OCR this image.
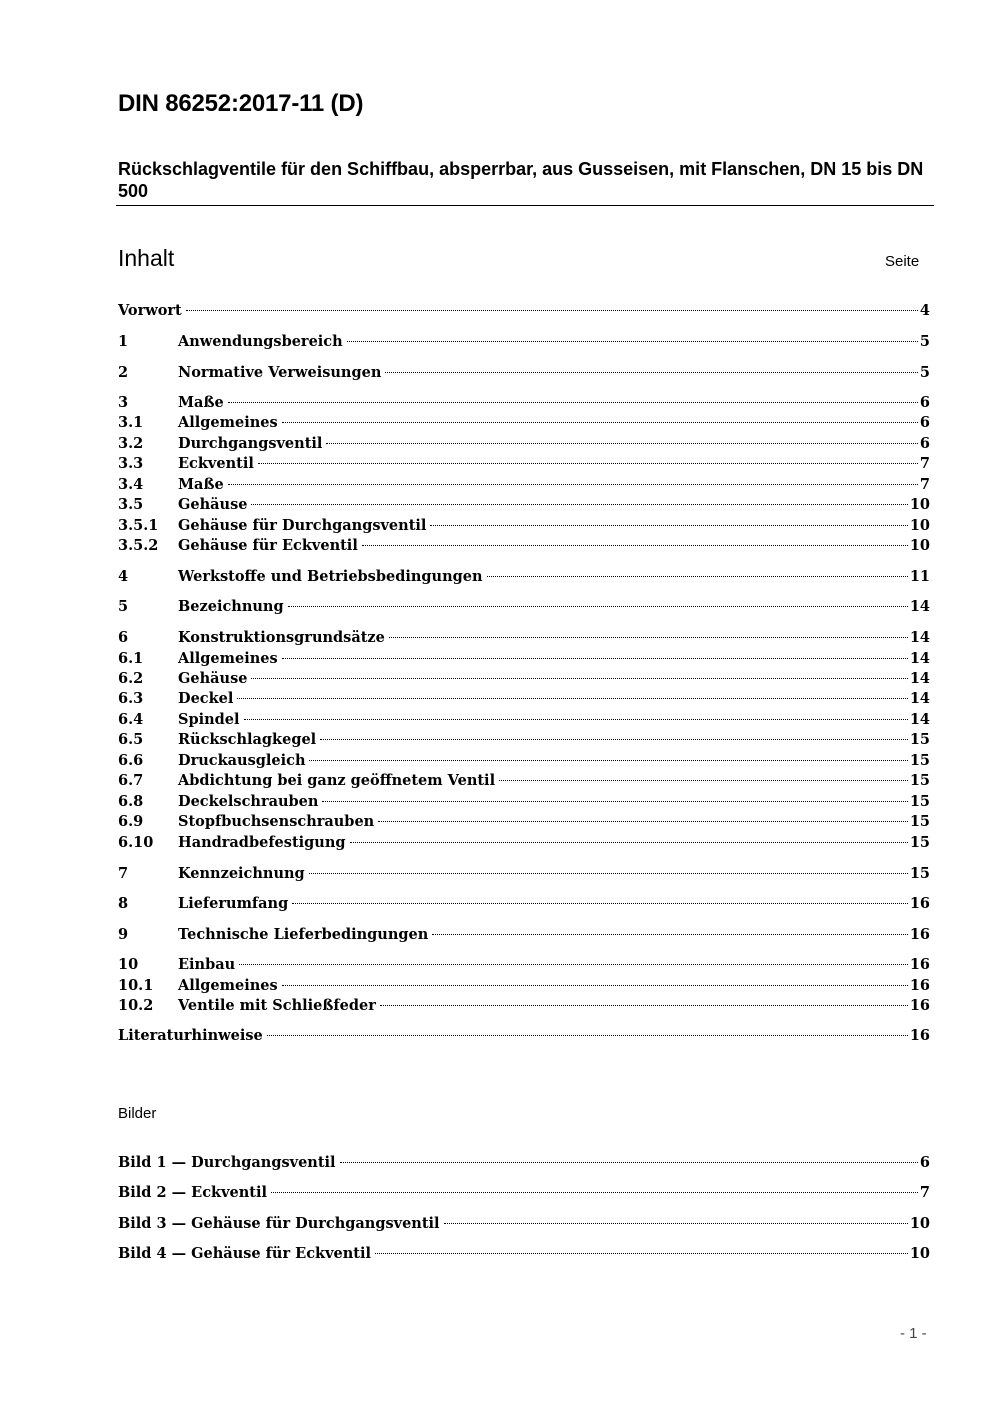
DIN 86252:2017-11 (D)
Rückschlagventile für den Schiffbau, absperrbar, aus Gusseisen, mit Flanschen, DN 15 bis DN 500
Inhalt	Seite
Vorwort	4
1	Anwendungsbereich	5
2	Normative Verweisungen	5
3	Maße	6
3.1	Allgemeines	6
3.2	Durchgangsventil	6
3.3	Eckventil	7
3.4	Maße	7
3.5	Gehäuse	10
3.5.1	Gehäuse für Durchgangsventil	10
3.5.2	Gehäuse für Eckventil	10
4	Werkstoffe und Betriebsbedingungen	11
5	Bezeichnung	14
6	Konstruktionsgrundsätze	14
6.1	Allgemeines	14
6.2	Gehäuse	14
6.3	Deckel	14
6.4	Spindel	14
6.5	Rückschlagkegel	15
6.6	Druckausgleich	15
6.7	Abdichtung bei ganz geöffnetem Ventil	15
6.8	Deckelschrauben	15
6.9	Stopfbuchsenschrauben	15
6.10	Handradbefestigung	15
7	Kennzeichnung	15
8	Lieferumfang	16
9	Technische Lieferbedingungen	16
10	Einbau	16
10.1	Allgemeines	16
10.2	Ventile mit Schließfeder	16
Literaturhinweise	16
Bilder
Bild 1 — Durchgangsventil	6
Bild 2 — Eckventil	7
Bild 3 — Gehäuse für Durchgangsventil	10
Bild 4 — Gehäuse für Eckventil	10
- 1 -
